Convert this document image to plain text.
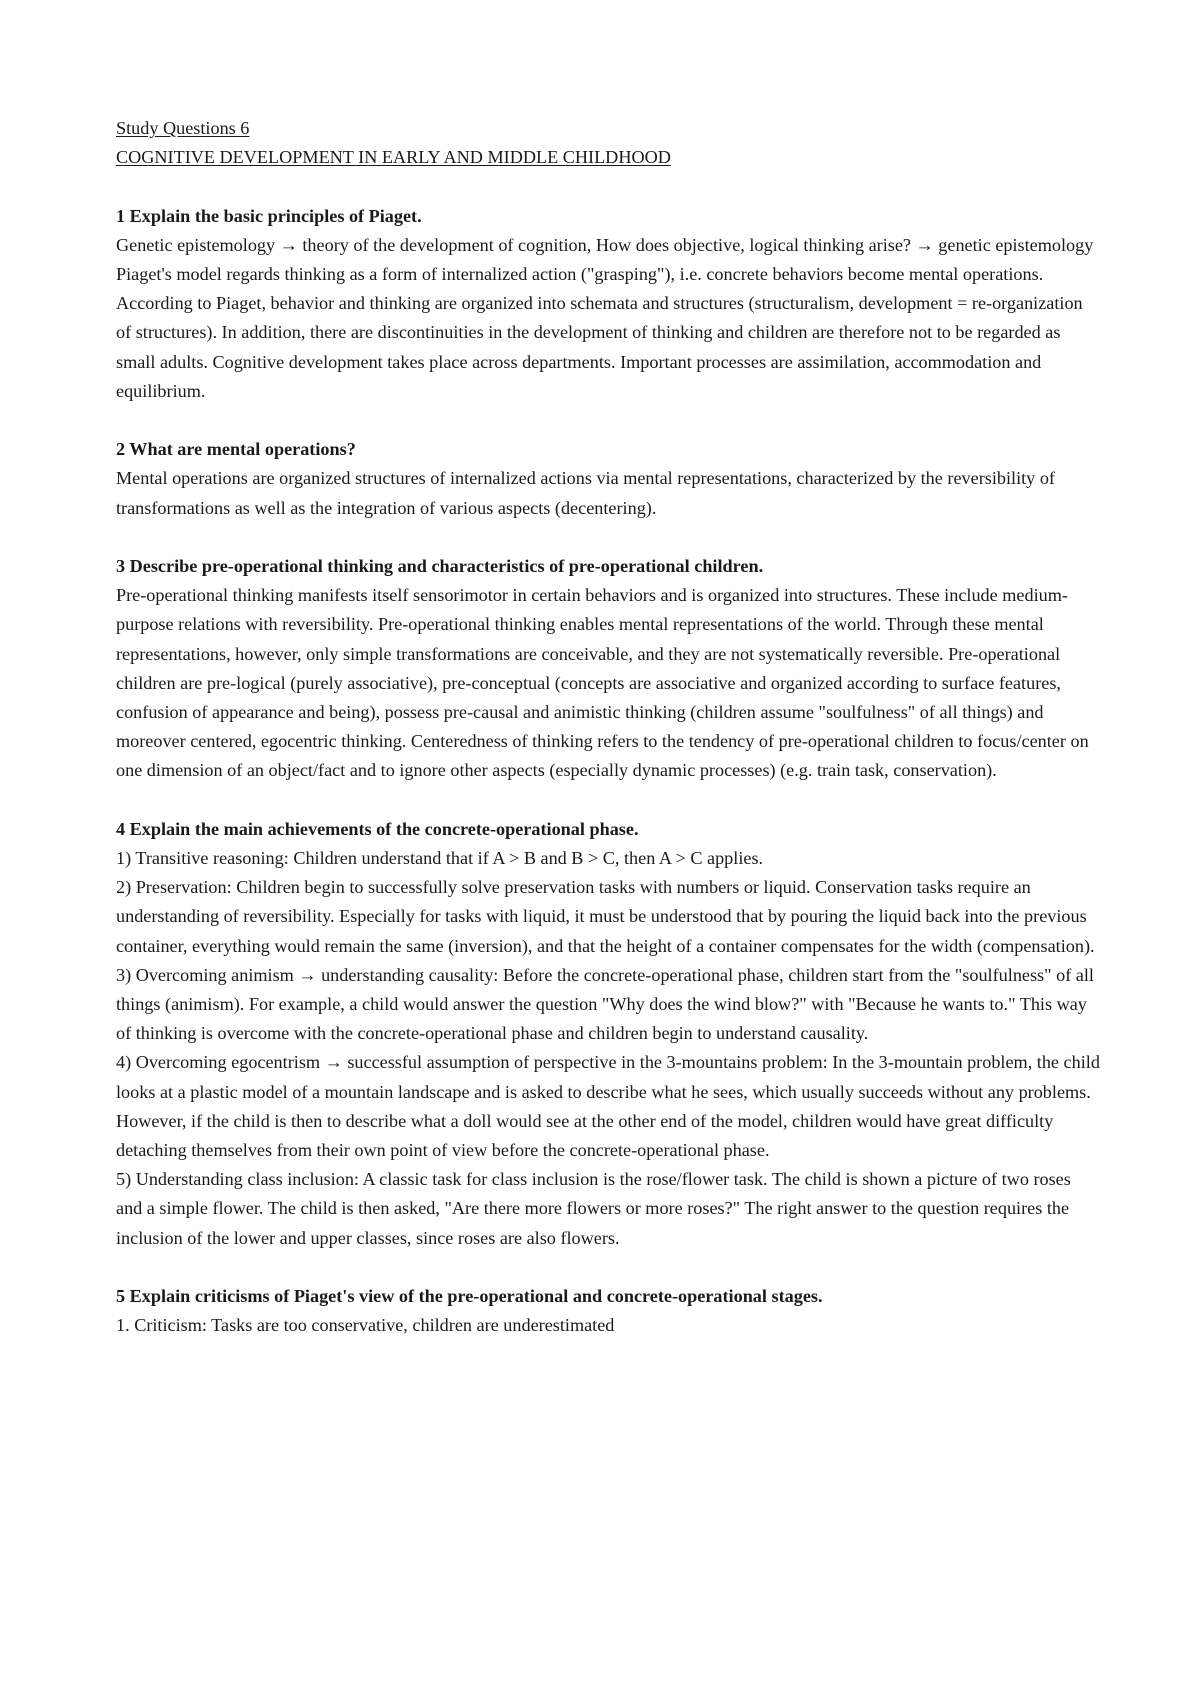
Study Questions 6

COGNITIVE DEVELOPMENT IN EARLY AND MIDDLE CHILDHOOD

1 Explain the basic principles of Piaget.

Genetic epistemology → theory of the development of cognition, How does objective, logical thinking arise? → genetic epistemology

Piaget's model regards thinking as a form of internalized action ("grasping"), i.e. concrete behaviors become mental operations. According to Piaget, behavior and thinking are organized into schemata and structures (structuralism, development = re-organization of structures). In addition, there are discontinuities in the development of thinking and children are therefore not to be regarded as small adults. Cognitive development takes place across departments. Important processes are assimilation, accommodation and equilibrium.

2 What are mental operations?

Mental operations are organized structures of internalized actions via mental representations, characterized by the reversibility of transformations as well as the integration of various aspects (decentering).

3 Describe pre-operational thinking and characteristics of pre-operational children.

Pre-operational thinking manifests itself sensorimotor in certain behaviors and is organized into structures. These include medium-purpose relations with reversibility. Pre-operational thinking enables mental representations of the world. Through these mental representations, however, only simple transformations are conceivable, and they are not systematically reversible. Pre-operational children are pre-logical (purely associative), pre-conceptual (concepts are associative and organized according to surface features, confusion of appearance and being), possess pre-causal and animistic thinking (children assume "soulfulness" of all things) and moreover centered, egocentric thinking. Centeredness of thinking refers to the tendency of pre-operational children to focus/center on one dimension of an object/fact and to ignore other aspects (especially dynamic processes) (e.g. train task, conservation).

4 Explain the main achievements of the concrete-operational phase.

1) Transitive reasoning: Children understand that if A > B and B > C, then A > C applies.

2) Preservation: Children begin to successfully solve preservation tasks with numbers or liquid. Conservation tasks require an understanding of reversibility. Especially for tasks with liquid, it must be understood that by pouring the liquid back into the previous container, everything would remain the same (inversion), and that the height of a container compensates for the width (compensation).

3) Overcoming animism → understanding causality: Before the concrete-operational phase, children start from the "soulfulness" of all things (animism). For example, a child would answer the question "Why does the wind blow?" with "Because he wants to." This way of thinking is overcome with the concrete-operational phase and children begin to understand causality.

4) Overcoming egocentrism → successful assumption of perspective in the 3-mountains problem: In the 3-mountain problem, the child looks at a plastic model of a mountain landscape and is asked to describe what he sees, which usually succeeds without any problems. However, if the child is then to describe what a doll would see at the other end of the model, children would have great difficulty detaching themselves from their own point of view before the concrete-operational phase.

5) Understanding class inclusion: A classic task for class inclusion is the rose/flower task. The child is shown a picture of two roses and a simple flower. The child is then asked, "Are there more flowers or more roses?" The right answer to the question requires the inclusion of the lower and upper classes, since roses are also flowers.

5 Explain criticisms of Piaget's view of the pre-operational and concrete-operational stages.

1. Criticism: Tasks are too conservative, children are underestimated
